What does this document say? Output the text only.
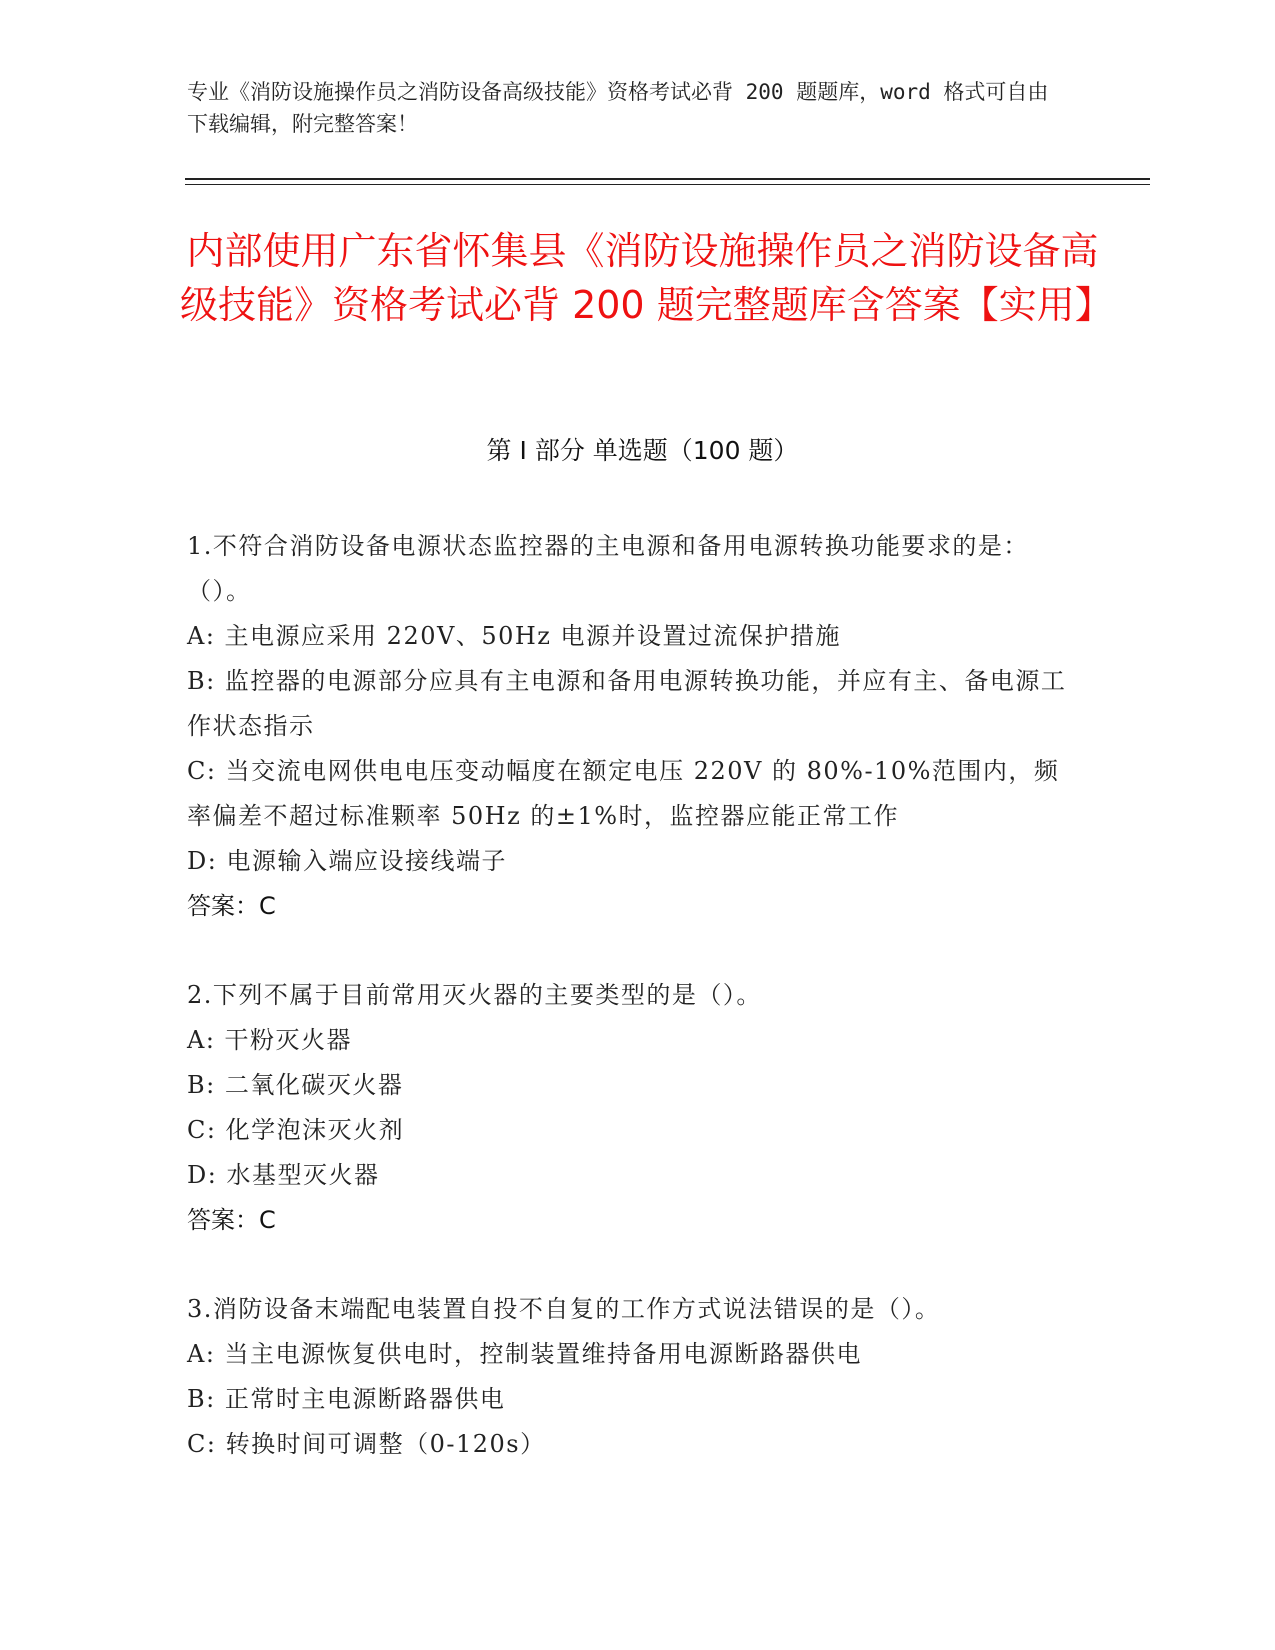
专业《消防设施操作员之消防设备高级技能》资格考试必背 200 题题库，word 格式可自由下载编辑，附完整答案！
内部使用广东省怀集县《消防设施操作员之消防设备高级技能》资格考试必背 200 题完整题库含答案【实用】
第 I 部分 单选题（100 题）
1.不符合消防设备电源状态监控器的主电源和备用电源转换功能要求的是：（）。
A: 主电源应采用 220V、50Hz 电源并设置过流保护措施
B: 监控器的电源部分应具有主电源和备用电源转换功能，并应有主、备电源工作状态指示
C: 当交流电网供电电压变动幅度在额定电压 220V 的 80%-10%范围内，频率偏差不超过标准颗率 50Hz 的±1%时，监控器应能正常工作
D: 电源输入端应设接线端子
答案：C
2.下列不属于目前常用灭火器的主要类型的是（）。
A: 干粉灭火器
B: 二氧化碳灭火器
C: 化学泡沫灭火剂
D: 水基型灭火器
答案：C
3.消防设备末端配电装置自投不自复的工作方式说法错误的是（）。
A: 当主电源恢复供电时，控制装置维持备用电源断路器供电
B: 正常时主电源断路器供电
C: 转换时间可调整（0-120s）
